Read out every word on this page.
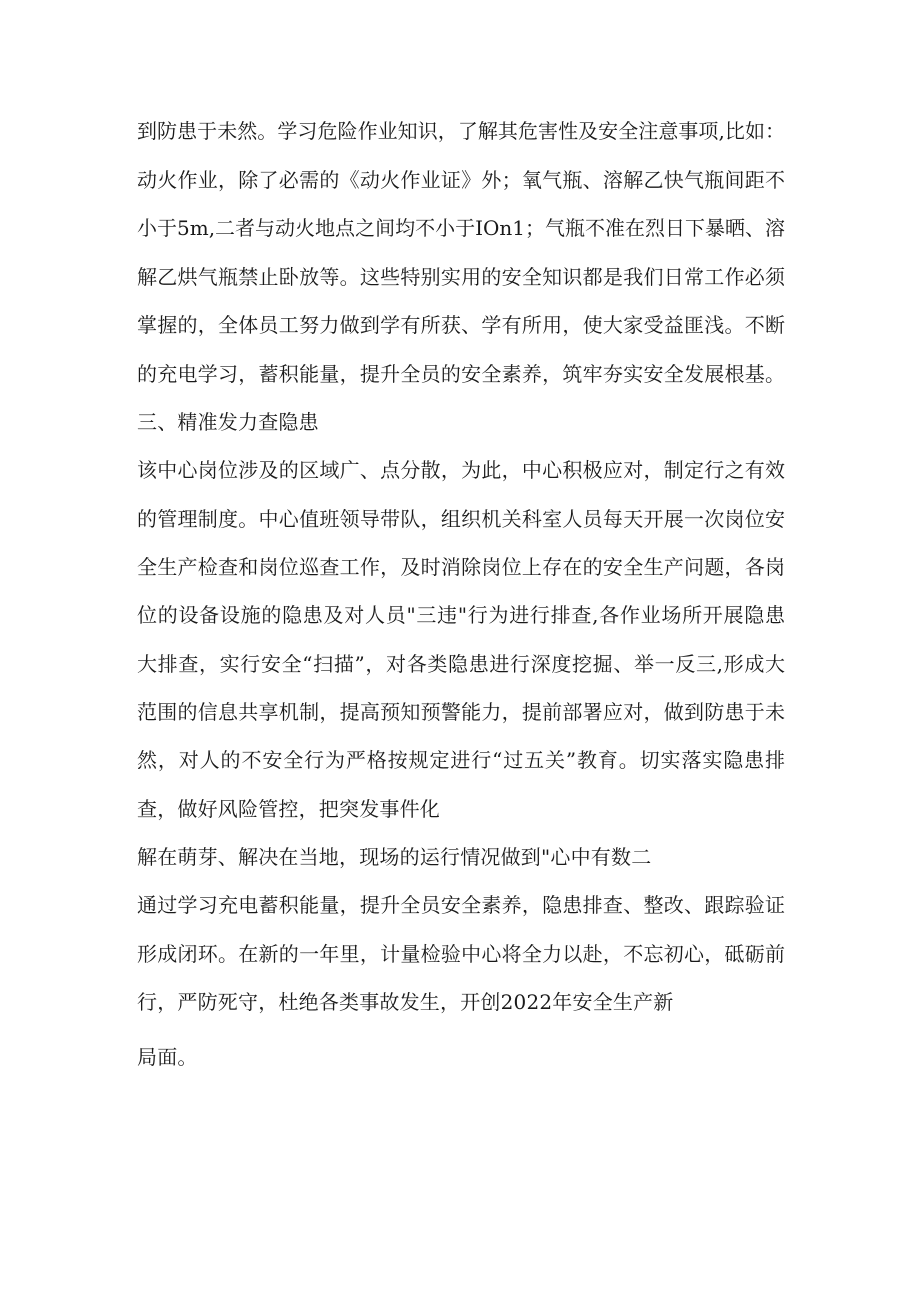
到防患于未然。学习危险作业知识，了解其危害性及安全注意事项,比如：
动火作业，除了必需的《动火作业证》外；氧气瓶、溶解乙快气瓶间距不
小于5m,二者与动火地点之间均不小于IOn1；气瓶不准在烈日下暴晒、溶
解乙烘气瓶禁止卧放等。这些特别实用的安全知识都是我们日常工作必须
掌握的，全体员工努力做到学有所获、学有所用，使大家受益匪浅。不断
的充电学习，蓄积能量，提升全员的安全素养，筑牢夯实安全发展根基。
三、精准发力查隐患
该中心岗位涉及的区域广、点分散，为此，中心积极应对，制定行之有效
的管理制度。中心值班领导带队，组织机关科室人员每天开展一次岗位安
全生产检查和岗位巡查工作，及时消除岗位上存在的安全生产问题，各岗
位的设备设施的隐患及对人员"三违"行为进行排查,各作业场所开展隐患
大排查，实行安全“扫描”，对各类隐患进行深度挖掘、举一反三,形成大
范围的信息共享机制，提高预知预警能力，提前部署应对，做到防患于未
然，对人的不安全行为严格按规定进行“过五关”教育。切实落实隐患排
查，做好风险管控，把突发事件化
解在萌芽、解决在当地，现场的运行情况做到"心中有数二
通过学习充电蓄积能量，提升全员安全素养，隐患排查、整改、跟踪验证
形成闭环。在新的一年里，计量检验中心将全力以赴，不忘初心，砥砺前
行，严防死守，杜绝各类事故发生，开创2022年安全生产新
局面。
